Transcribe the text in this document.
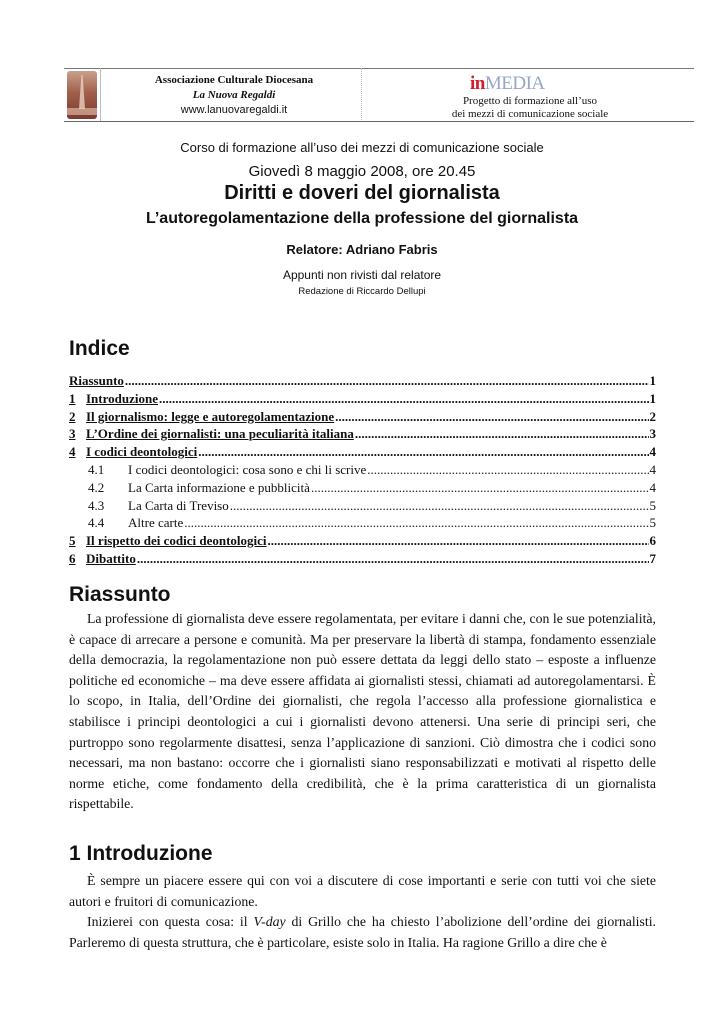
Associazione Culturale Diocesana
La Nuova Regaldi
www.lanuovaregaldi.it
inMEDIA
Progetto di formazione all’uso
dei mezzi di comunicazione sociale
Corso di formazione all’uso dei mezzi di comunicazione sociale
Giovedì 8 maggio 2008, ore 20.45
Diritti e doveri del giornalista
L’autoregolamentazione della professione del giornalista
Relatore: Adriano Fabris
Appunti non rivisti dal relatore
Redazione di Riccardo Dellupi
Indice
Riassunto .....	1
1 Introduzione .....	1
2 Il giornalismo: legge e autoregolamentazione .....	2
3 L’Ordine dei giornalisti: una peculiarità italiana .....	3
4 I codici deontologici .....	4
4.1	I codici deontologici: cosa sono e chi li scrive .....	4
4.2	La Carta informazione e pubblicità .....	4
4.3	La Carta di Treviso .....	5
4.4	Altre carte .....	5
5 Il rispetto dei codici deontologici .....	6
6 Dibattito .....	7
Riassunto

La professione di giornalista deve essere regolamentata, per evitare i danni che, con le sue potenzialità, è capace di arrecare a persone e comunità. Ma per preservare la libertà di stampa, fondamento essenziale della democrazia, la regolamentazione non può essere dettata da leggi dello stato – esposte a influenze politiche ed economiche – ma deve essere affidata ai giornalisti stessi, chiamati ad autoregolamentarsi. È lo scopo, in Italia, dell’Ordine dei giornalisti, che regola l’accesso alla professione giornalistica e stabilisce i principi deontologici a cui i giornalisti devono attenersi. Una serie di principi seri, che purtroppo sono regolarmente disattesi, senza l’applicazione di sanzioni. Ciò dimostra che i codici sono necessari, ma non bastano: occorre che i giornalisti siano responsabilizzati e motivati al rispetto delle norme etiche, come fondamento della credibilità, che è la prima caratteristica di un giornalista rispettabile.

1 Introduzione

È sempre un piacere essere qui con voi a discutere di cose importanti e serie con tutti voi che siete autori e fruitori di comunicazione.

Inizierei con questa cosa: il V-day di Grillo che ha chiesto l’abolizione dell’ordine dei giornalisti. Parleremo di questa struttura, che è particolare, esiste solo in Italia. Ha ragione Grillo a dire che è
